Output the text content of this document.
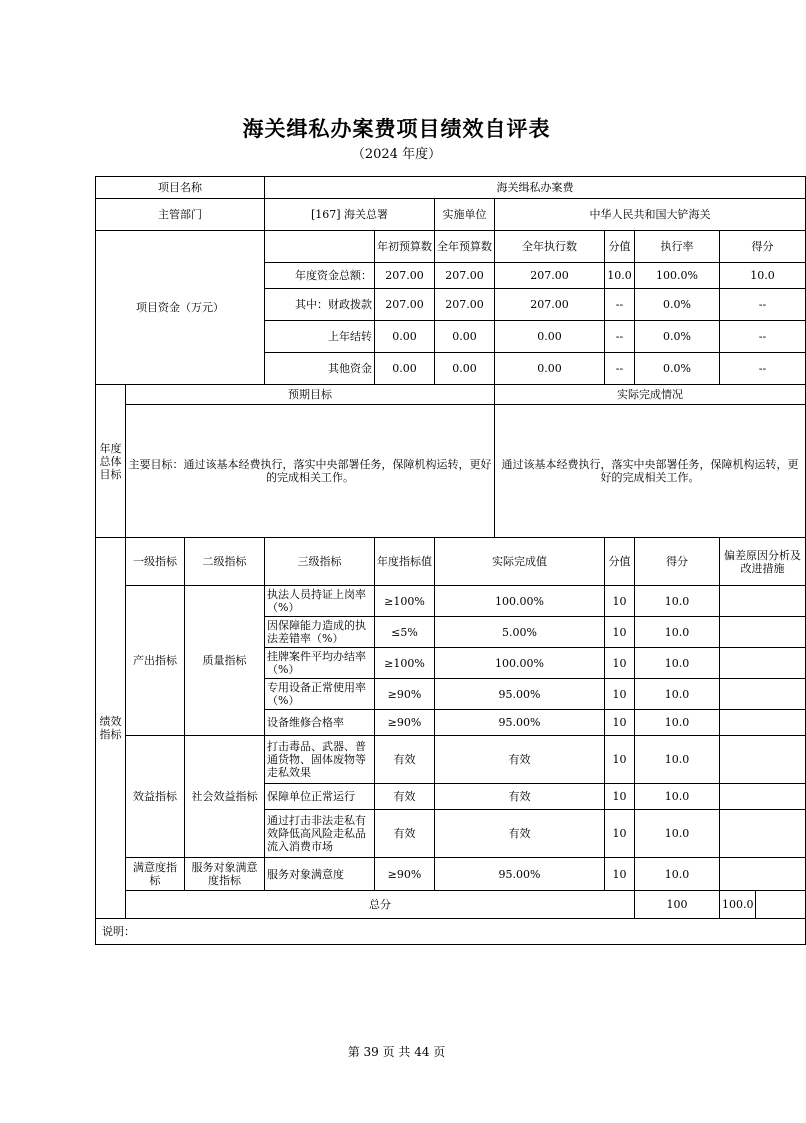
海关缉私办案费项目绩效自评表
（2024 年度）
项目名称			海关缉私办案费							
主管部门			[167] 海关总署		实施单位	中华人民共和国大铲海关				
项目资金（万元）				年初预算数	全年预算数	全年执行数	分值	执行率	得分	
			年度资金总额：	207.00	207.00	207.00	10.0	100.0%	10.0	
			其中：财政拨款	207.00	207.00	207.00	--	0.0%	--	
			上年结转	0.00	0.00	0.00	--	0.0%	--	
			其他资金	0.00	0.00	0.00	--	0.0%	--	
年度总体目标	预期目标					实际完成情况				
	主要目标：通过该基本经费执行，落实中央部署任务，保障机构运转，更好的完成相关工作。					通过该基本经费执行，落实中央部署任务，保障机构运转，更好的完成相关工作。				
绩效指标	一级指标	二级指标	三级指标	年度指标值	实际完成值		分值	得分	偏差原因分析及改进措施	
	产出指标	质量指标	执法人员持证上岗率（%）	≥100%	100.00%		10	10.0		
			因保障能力造成的执法差错率（%）	≤5%	5.00%		10	10.0		
			挂牌案件平均办结率（%）	≥100%	100.00%		10	10.0		
			专用设备正常使用率（%）	≥90%	95.00%		10	10.0		
			设备维修合格率	≥90%	95.00%		10	10.0		
	效益指标	社会效益指标	打击毒品、武器、普通货物、固体废物等走私效果	有效	有效		10	10.0		
			保障单位正常运行	有效	有效		10	10.0		
			通过打击非法走私有效降低高风险走私品流入消费市场	有效	有效		10	10.0		
	满意度指标	服务对象满意度指标	服务对象满意度	≥90%	95.00%		10	10.0		
	总分							100	100.0	
说明：										
第 39 页 共 44 页
